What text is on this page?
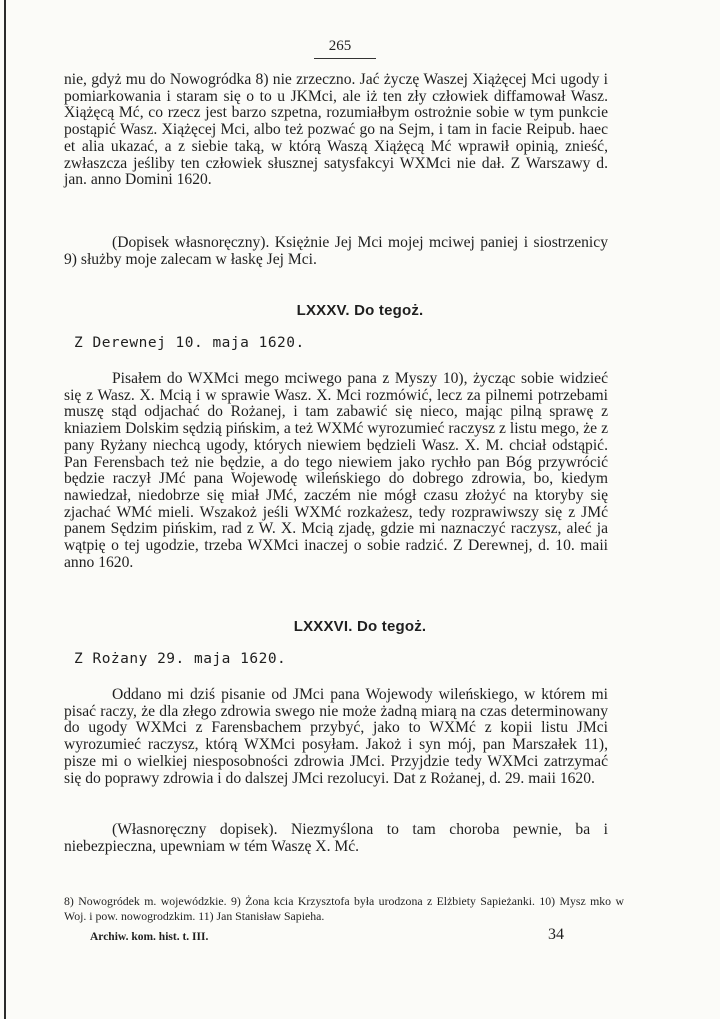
265

nie, gdyż mu do Nowogródka 8) nie zrzeczno. Jać życzę Waszej Xiążęcej Mci ugody i pomiarkowania i staram się o to u JKMci, ale iż ten zły człowiek diffamował Wasz. Xiążęcą Mć, co rzecz jest barzo szpetna, rozumiałbym ostrożnie sobie w tym punkcie postąpić Wasz. Xiążęcej Mci, albo też pozwać go na Sejm, i tam in facie Reipub. haec et alia ukazać, a z siebie taką, w którą Waszą Xiążęcą Mć wprawił opinią, znieść, zwłaszcza jeśliby ten człowiek słusznej satysfakcyi WXMci nie dał. Z Warszawy d. jan. anno Domini 1620.

(Dopisek własnoręczny). Księżnie Jej Mci mojej mciwej paniej i siostrzenicy 9) służby moje zalecam w łaskę Jej Mci.

LXXXV. Do tegoż.
Z Derewnej 10. maja 1620.

Pisałem do WXMci mego mciwego pana z Myszy 10), życząc sobie widzieć się z Wasz. X. Mcią i w sprawie Wasz. X. Mci rozmówić, lecz za pilnemi potrzebami muszę stąd odjachać do Rożanej, i tam zabawić się nieco, mając pilną sprawę z kniaziem Dolskim sędzią pińskim, a też WXMć wyrozumieć raczysz z listu mego, że z pany Ryżany niechcą ugody, których niewiem będzieli Wasz. X. M. chciał odstąpić. Pan Ferensbach też nie będzie, a do tego niewiem jako rychło pan Bóg przywrócić będzie raczył JMć pana Wojewodę wileńskiego do dobrego zdrowia, bo, kiedym nawiedzał, niedobrze się miał JMć, zaczém nie mógł czasu złożyć na ktoryby się zjachać WMć mieli. Wszakoż jeśli WXMć rozkażesz, tedy rozprawiwszy się z JMć panem Sędzim pińskim, rad z W. X. Mcią zjadę, gdzie mi naznaczyć raczysz, aleć ja wątpię o tej ugodzie, trzeba WXMci inaczej o sobie radzić. Z Derewnej, d. 10. maii anno 1620.

LXXXVI. Do tegoż.
Z Rożany 29. maja 1620.

Oddano mi dziś pisanie od JMci pana Wojewody wileńskiego, w którem mi pisać raczy, że dla złego zdrowia swego nie może żadną miarą na czas determinowany do ugody WXMci z Farensbachem przybyć, jako to WXMć z kopii listu JMci wyrozumieć raczysz, którą WXMci posyłam. Jakoż i syn mój, pan Marszałek 11), pisze mi o wielkiej niesposobności zdrowia JMci. Przyjdzie tedy WXMci zatrzymać się do poprawy zdrowia i do dalszej JMci rezolucyi. Dat z Rożanej, d. 29. maii 1620.

(Własnoręczny dopisek). Niezmyślona to tam choroba pewnie, ba i niebezpieczna, upewniam w tém Waszę X. Mć.

8) Nowogródek m. wojewódzkie. 9) Żona kcia Krzysztofa była urodzona z Elżbiety Sapieżanki. 10) Mysz mko w Woj. i pow. nowogrodzkim. 11) Jan Stanisław Sapieha.
Archiw. kom. hist. t. III.	34
